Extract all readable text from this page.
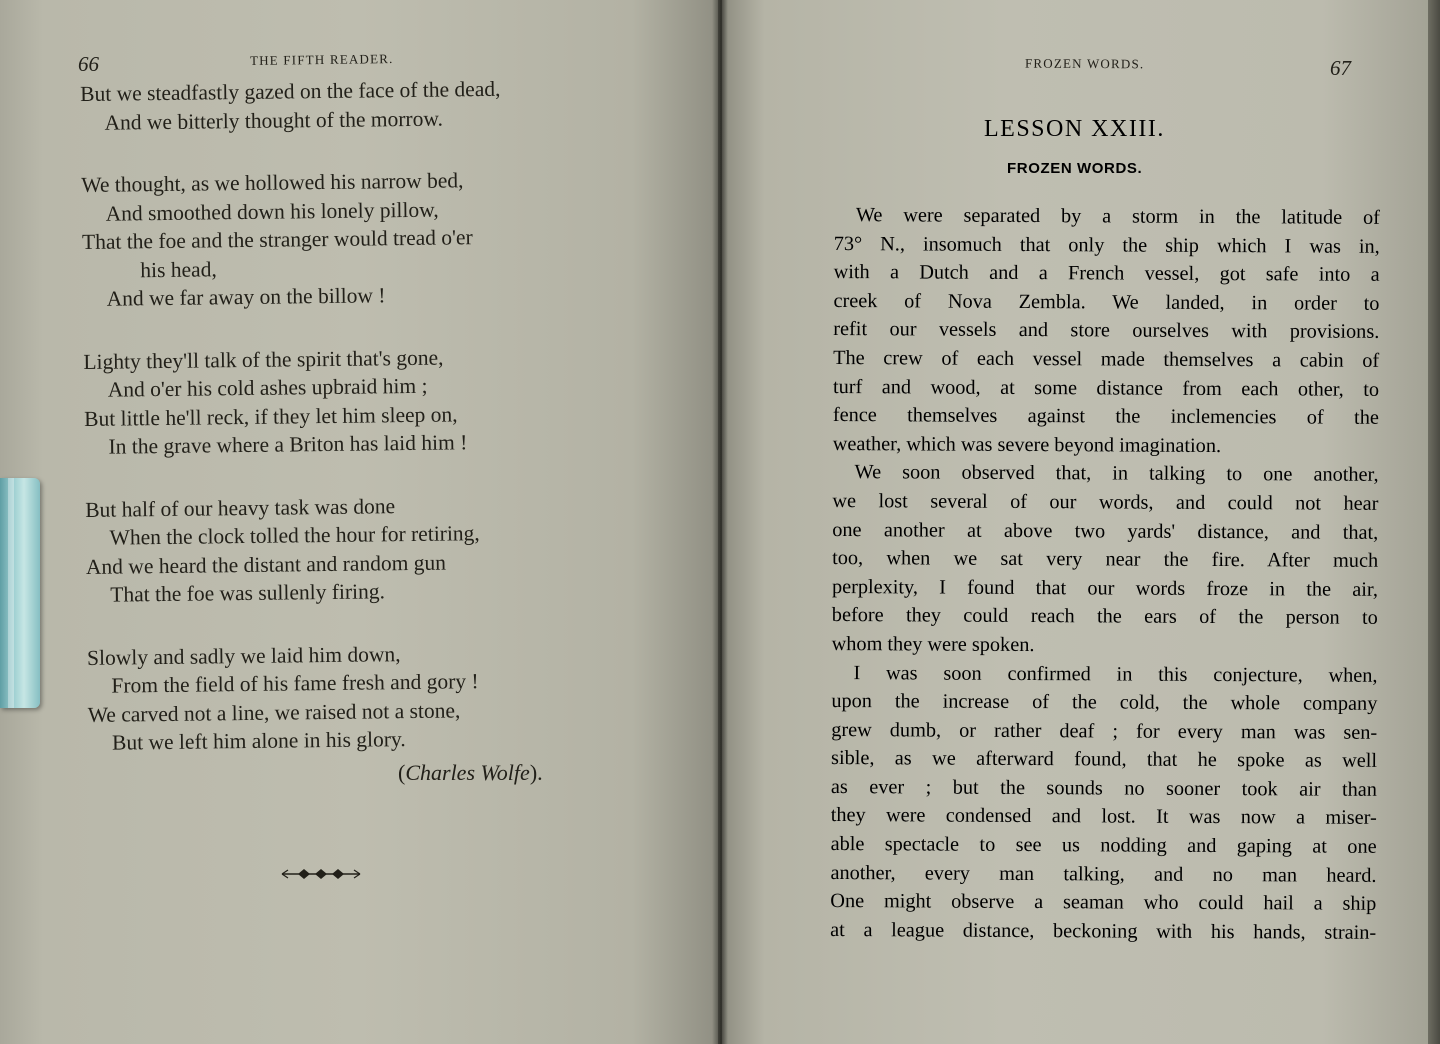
66	THE FIFTH READER.
But we steadfastly gazed on the face of the dead,
And we bitterly thought of the morrow.
We thought, as we hollowed his narrow bed,
And smoothed down his lonely pillow,
That the foe and the stranger would tread o'er
his head,
And we far away on the billow !
Lighty they'll talk of the spirit that's gone,
And o'er his cold ashes upbraid him ;
But little he'll reck, if they let him sleep on,
In the grave where a Briton has laid him !
But half of our heavy task was done
When the clock tolled the hour for retiring,
And we heard the distant and random gun
That the foe was sullenly firing.
Slowly and sadly we laid him down,
From the field of his fame fresh and gory !
We carved not a line, we raised not a stone,
But we left him alone in his glory.
(Charles Wolfe).
FROZEN WORDS.	67
LESSON XXIII.
FROZEN WORDS.
We were separated by a storm in the latitude of
73° N., insomuch that only the ship which I was in,
with a Dutch and a French vessel, got safe into a
creek of Nova Zembla. We landed, in order to
refit our vessels and store ourselves with provisions.
The crew of each vessel made themselves a cabin of
turf and wood, at some distance from each other, to
fence themselves against the inclemencies of the
weather, which was severe beyond imagination.
We soon observed that, in talking to one another,
we lost several of our words, and could not hear
one another at above two yards' distance, and that,
too, when we sat very near the fire. After much
perplexity, I found that our words froze in the air,
before they could reach the ears of the person to
whom they were spoken.
I was soon confirmed in this conjecture, when,
upon the increase of the cold, the whole company
grew dumb, or rather deaf ; for every man was sen-
sible, as we afterward found, that he spoke as well
as ever ; but the sounds no sooner took air than
they were condensed and lost. It was now a miser-
able spectacle to see us nodding and gaping at one
another, every man talking, and no man heard.
One might observe a seaman who could hail a ship
at a league distance, beckoning with his hands, strain-
